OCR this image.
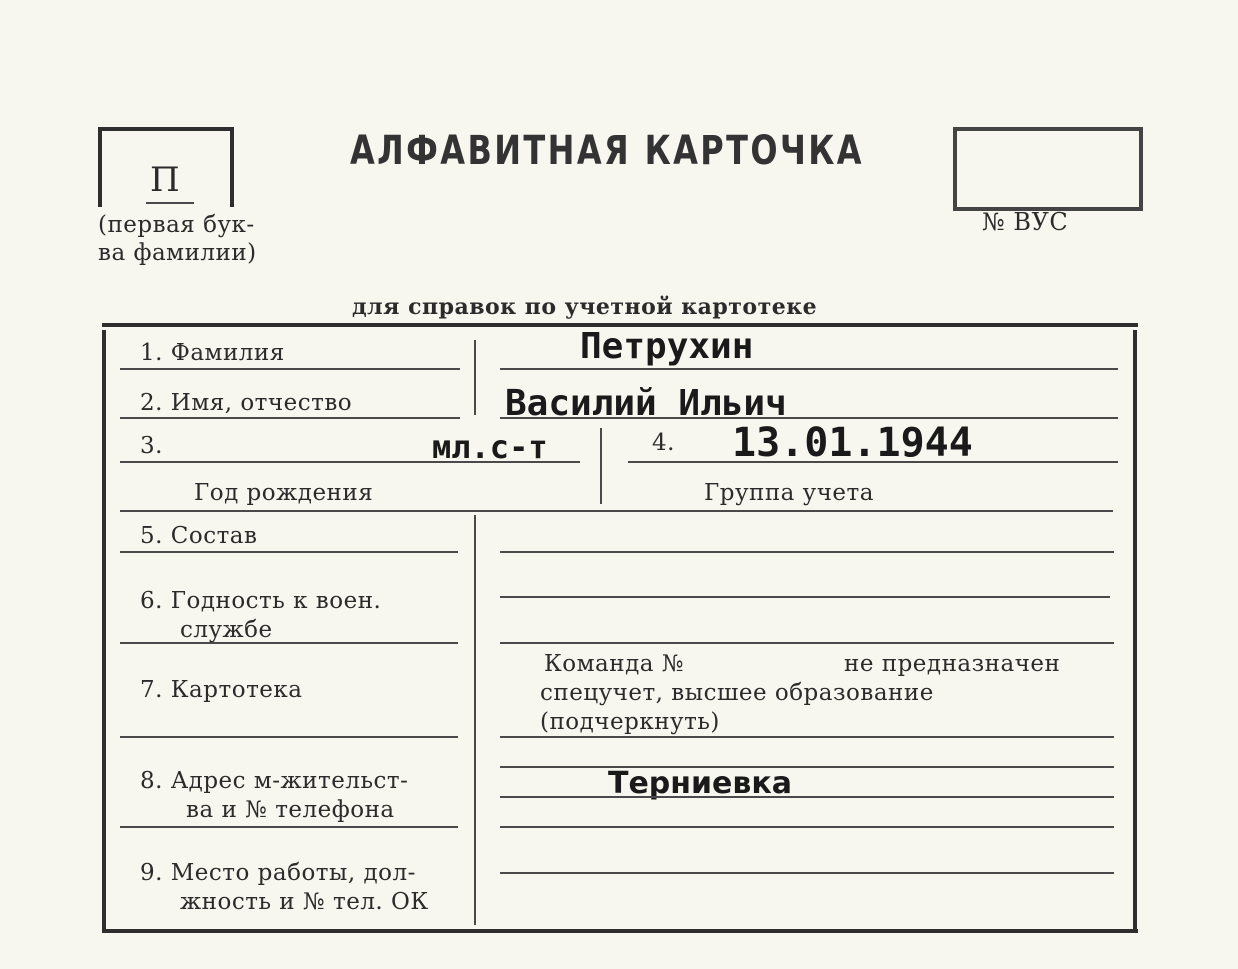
П
(первая бук-
ва фамилии)
АЛФАВИТНАЯ КАРТОЧКА
№ ВУС
для справок по учетной картотеке
1. Фамилия	Петрухин
2. Имя, отчество	Василий Ильич
3.	мл.с-т
Год рождения
4. 13.01.1944
Группа учета
5. Состав
6. Годность к воен.
службе
7. Картотека
Команда №	не предназначен
спецучет, высшее образование
(подчеркнуть)
8. Адрес м-жительст-
ва и № телефона
Терниевка
9. Место работы, дол-
жность и № тел. ОК
